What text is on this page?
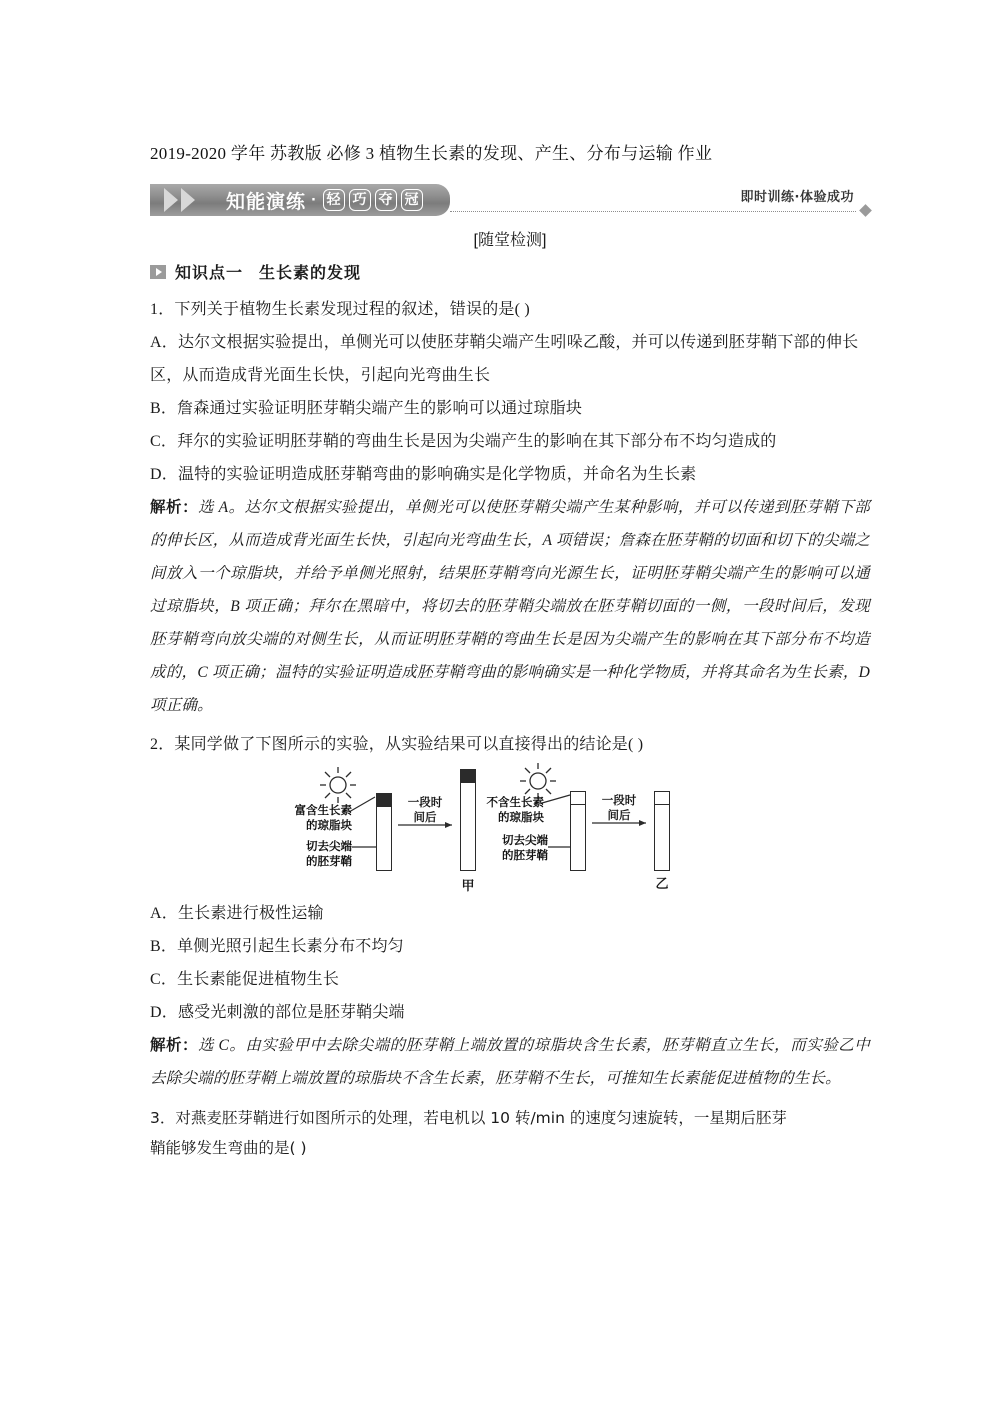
2019-2020 学年 苏教版 必修 3 植物生长素的发现、产生、分布与运输 作业
知能演练 · 轻 巧 夺 冠	即时训练·体验成功
[随堂检测]
知识点一 生长素的发现
1．下列关于植物生长素发现过程的叙述，错误的是( )
A．达尔文根据实验提出，单侧光可以使胚芽鞘尖端产生吲哚乙酸，并可以传递到胚芽鞘下部的伸长区，从而造成背光面生长快，引起向光弯曲生长
B．詹森通过实验证明胚芽鞘尖端产生的影响可以通过琼脂块
C．拜尔的实验证明胚芽鞘的弯曲生长是因为尖端产生的影响在其下部分布不均匀造成的
D．温特的实验证明造成胚芽鞘弯曲的影响确实是化学物质，并命名为生长素
解析：选 A。达尔文根据实验提出，单侧光可以使胚芽鞘尖端产生某种影响，并可以传递到胚芽鞘下部的伸长区，从而造成背光面生长快，引起向光弯曲生长，A 项错误；詹森在胚芽鞘的切面和切下的尖端之间放入一个琼脂块，并给予单侧光照射，结果胚芽鞘弯向光源生长，证明胚芽鞘尖端产生的影响可以通过琼脂块，B 项正确；拜尔在黑暗中，将切去的胚芽鞘尖端放在胚芽鞘切面的一侧，一段时间后，发现胚芽鞘弯向放尖端的对侧生长，从而证明胚芽鞘的弯曲生长是因为尖端产生的影响在其下部分布不均造成的，C 项正确；温特的实验证明造成胚芽鞘弯曲的影响确实是一种化学物质，并将其命名为生长素，D 项正确。
2．某同学做了下图所示的实验，从实验结果可以直接得出的结论是( )
富含生长素
的琼脂块
切去尖端
的胚芽鞘
一段时
间后
甲
不含生长素
的琼脂块
切去尖端
的胚芽鞘
一段时
间后
乙
A．生长素进行极性运输
B．单侧光照引起生长素分布不均匀
C．生长素能促进植物生长
D．感受光刺激的部位是胚芽鞘尖端
解析：选 C。由实验甲中去除尖端的胚芽鞘上端放置的琼脂块含生长素，胚芽鞘直立生长，而实验乙中去除尖端的胚芽鞘上端放置的琼脂块不含生长素，胚芽鞘不生长，可推知生长素能促进植物的生长。
3．对燕麦胚芽鞘进行如图所示的处理，若电机以 10 转/min 的速度匀速旋转，一星期后胚芽
鞘能够发生弯曲的是( )
